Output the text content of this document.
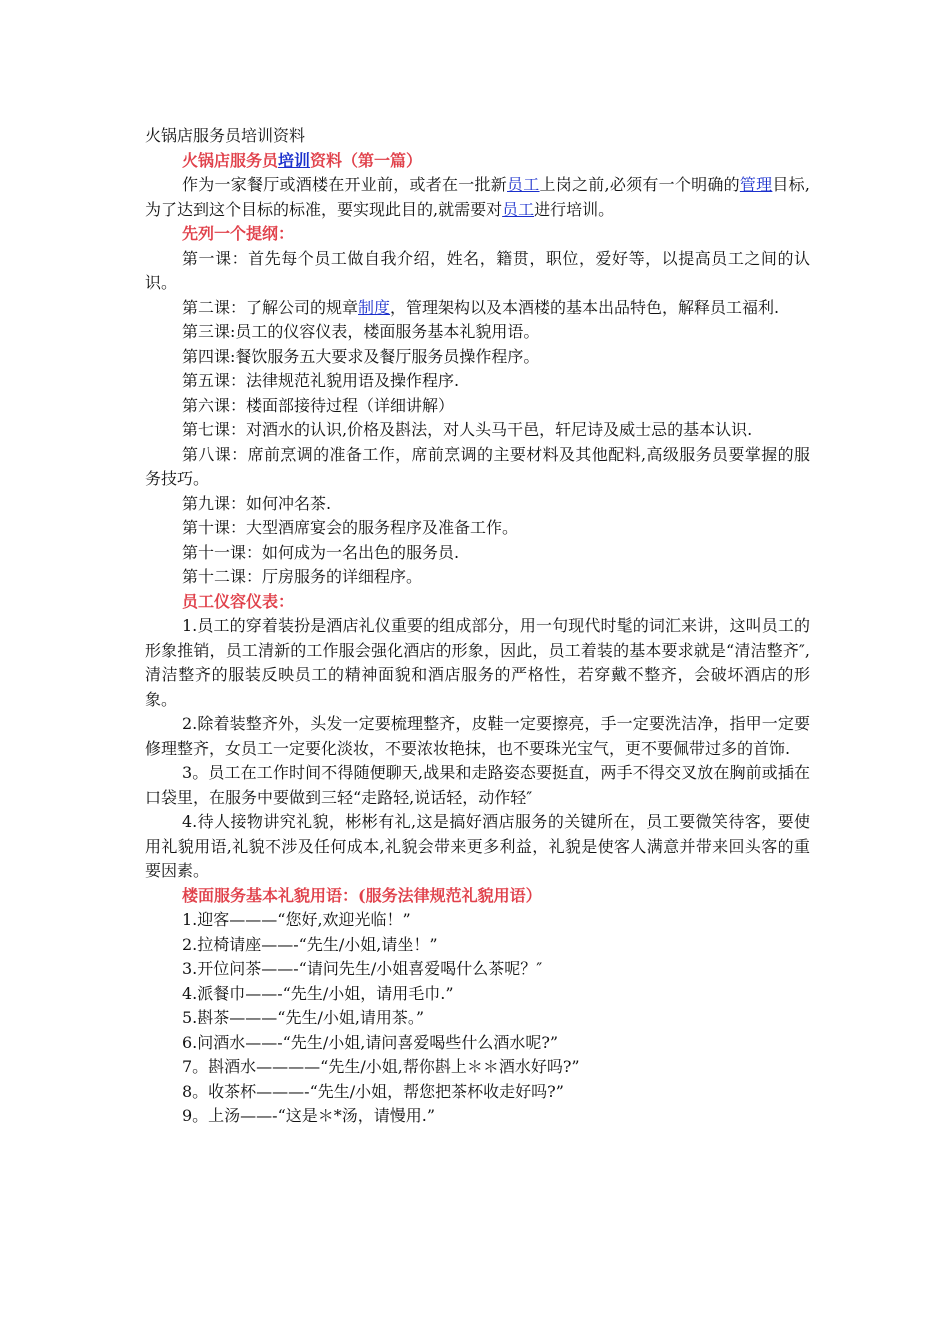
火锅店服务员培训资料

火锅店服务员培训资料（第一篇）

作为一家餐厅或酒楼在开业前，或者在一批新员工上岗之前,必须有一个明确的管理目标,为了达到这个目标的标准，要实现此目的,就需要对员工进行培训。

先列一个提纲：

第一课：首先每个员工做自我介绍，姓名，籍贯，职位，爱好等，以提高员工之间的认识。

第二课：了解公司的规章制度，管理架构以及本酒楼的基本出品特色，解释员工福利.

第三课:员工的仪容仪表，楼面服务基本礼貌用语。

第四课:餐饮服务五大要求及餐厅服务员操作程序。

第五课：法律规范礼貌用语及操作程序.

第六课：楼面部接待过程（详细讲解）

第七课：对酒水的认识,价格及斟法，对人头马干邑，轩尼诗及威士忌的基本认识.

第八课：席前烹调的准备工作，席前烹调的主要材料及其他配料,高级服务员要掌握的服务技巧。

第九课：如何冲名茶.

第十课：大型酒席宴会的服务程序及准备工作。

第十一课：如何成为一名出色的服务员.

第十二课：厅房服务的详细程序。

员工仪容仪表：

1.员工的穿着装扮是酒店礼仪重要的组成部分，用一句现代时髦的词汇来讲，这叫员工的形象推销，员工清新的工作服会强化酒店的形象，因此，员工着装的基本要求就是“清洁整齐″,清洁整齐的服装反映员工的精神面貌和酒店服务的严格性，若穿戴不整齐，会破坏酒店的形象。

2.除着装整齐外，头发一定要梳理整齐，皮鞋一定要擦亮，手一定要洗洁净，指甲一定要修理整齐，女员工一定要化淡妆，不要浓妆艳抹，也不要珠光宝气，更不要佩带过多的首饰.

3。员工在工作时间不得随便聊天,战果和走路姿态要挺直，两手不得交叉放在胸前或插在口袋里，在服务中要做到三轻“走路轻,说话轻，动作轻″

4.待人接物讲究礼貌，彬彬有礼,这是搞好酒店服务的关键所在，员工要微笑待客，要使用礼貌用语,礼貌不涉及任何成本,礼貌会带来更多利益，礼貌是使客人满意并带来回头客的重要因素。

楼面服务基本礼貌用语：(服务法律规范礼貌用语）

1.迎客———“您好,欢迎光临！”

2.拉椅请座——-“先生/小姐,请坐！”

3.开位问茶——-“请问先生/小姐喜爱喝什么茶呢？″

4.派餐巾——-“先生/小姐，请用毛巾.”

5.斟茶———“先生/小姐,请用茶。”

6.问酒水——-“先生/小姐,请问喜爱喝些什么酒水呢?”

7。斟酒水————“先生/小姐,帮你斟上＊＊酒水好吗?”

8。收茶杯———-“先生/小姐，帮您把茶杯收走好吗?”

9。上汤——-“这是＊*汤，请慢用.”
